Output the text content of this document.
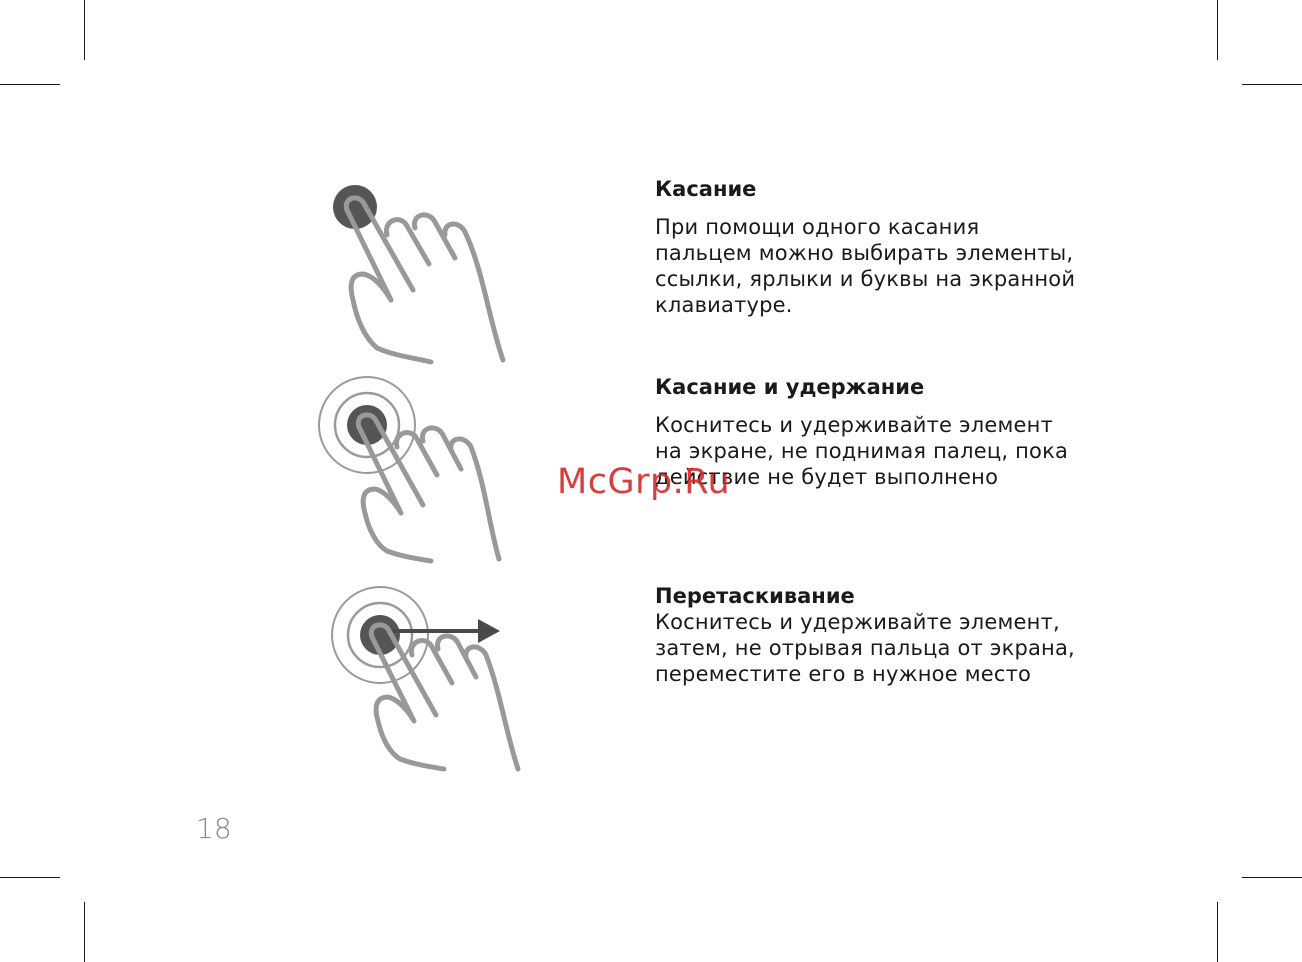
Касание

При помощи одного касания
пальцем можно выбирать элементы,
ссылки, ярлыки и буквы на экранной
клавиатуре.

Касание и удержание

Коснитесь и удерживайте элемент
на экране, не поднимая палец, пока
действие не будет выполнено

Перетаскивание

Коснитесь и удерживайте элемент,
затем, не отрывая пальца от экрана,
переместите его в нужное место

McGrp.Ru
18
